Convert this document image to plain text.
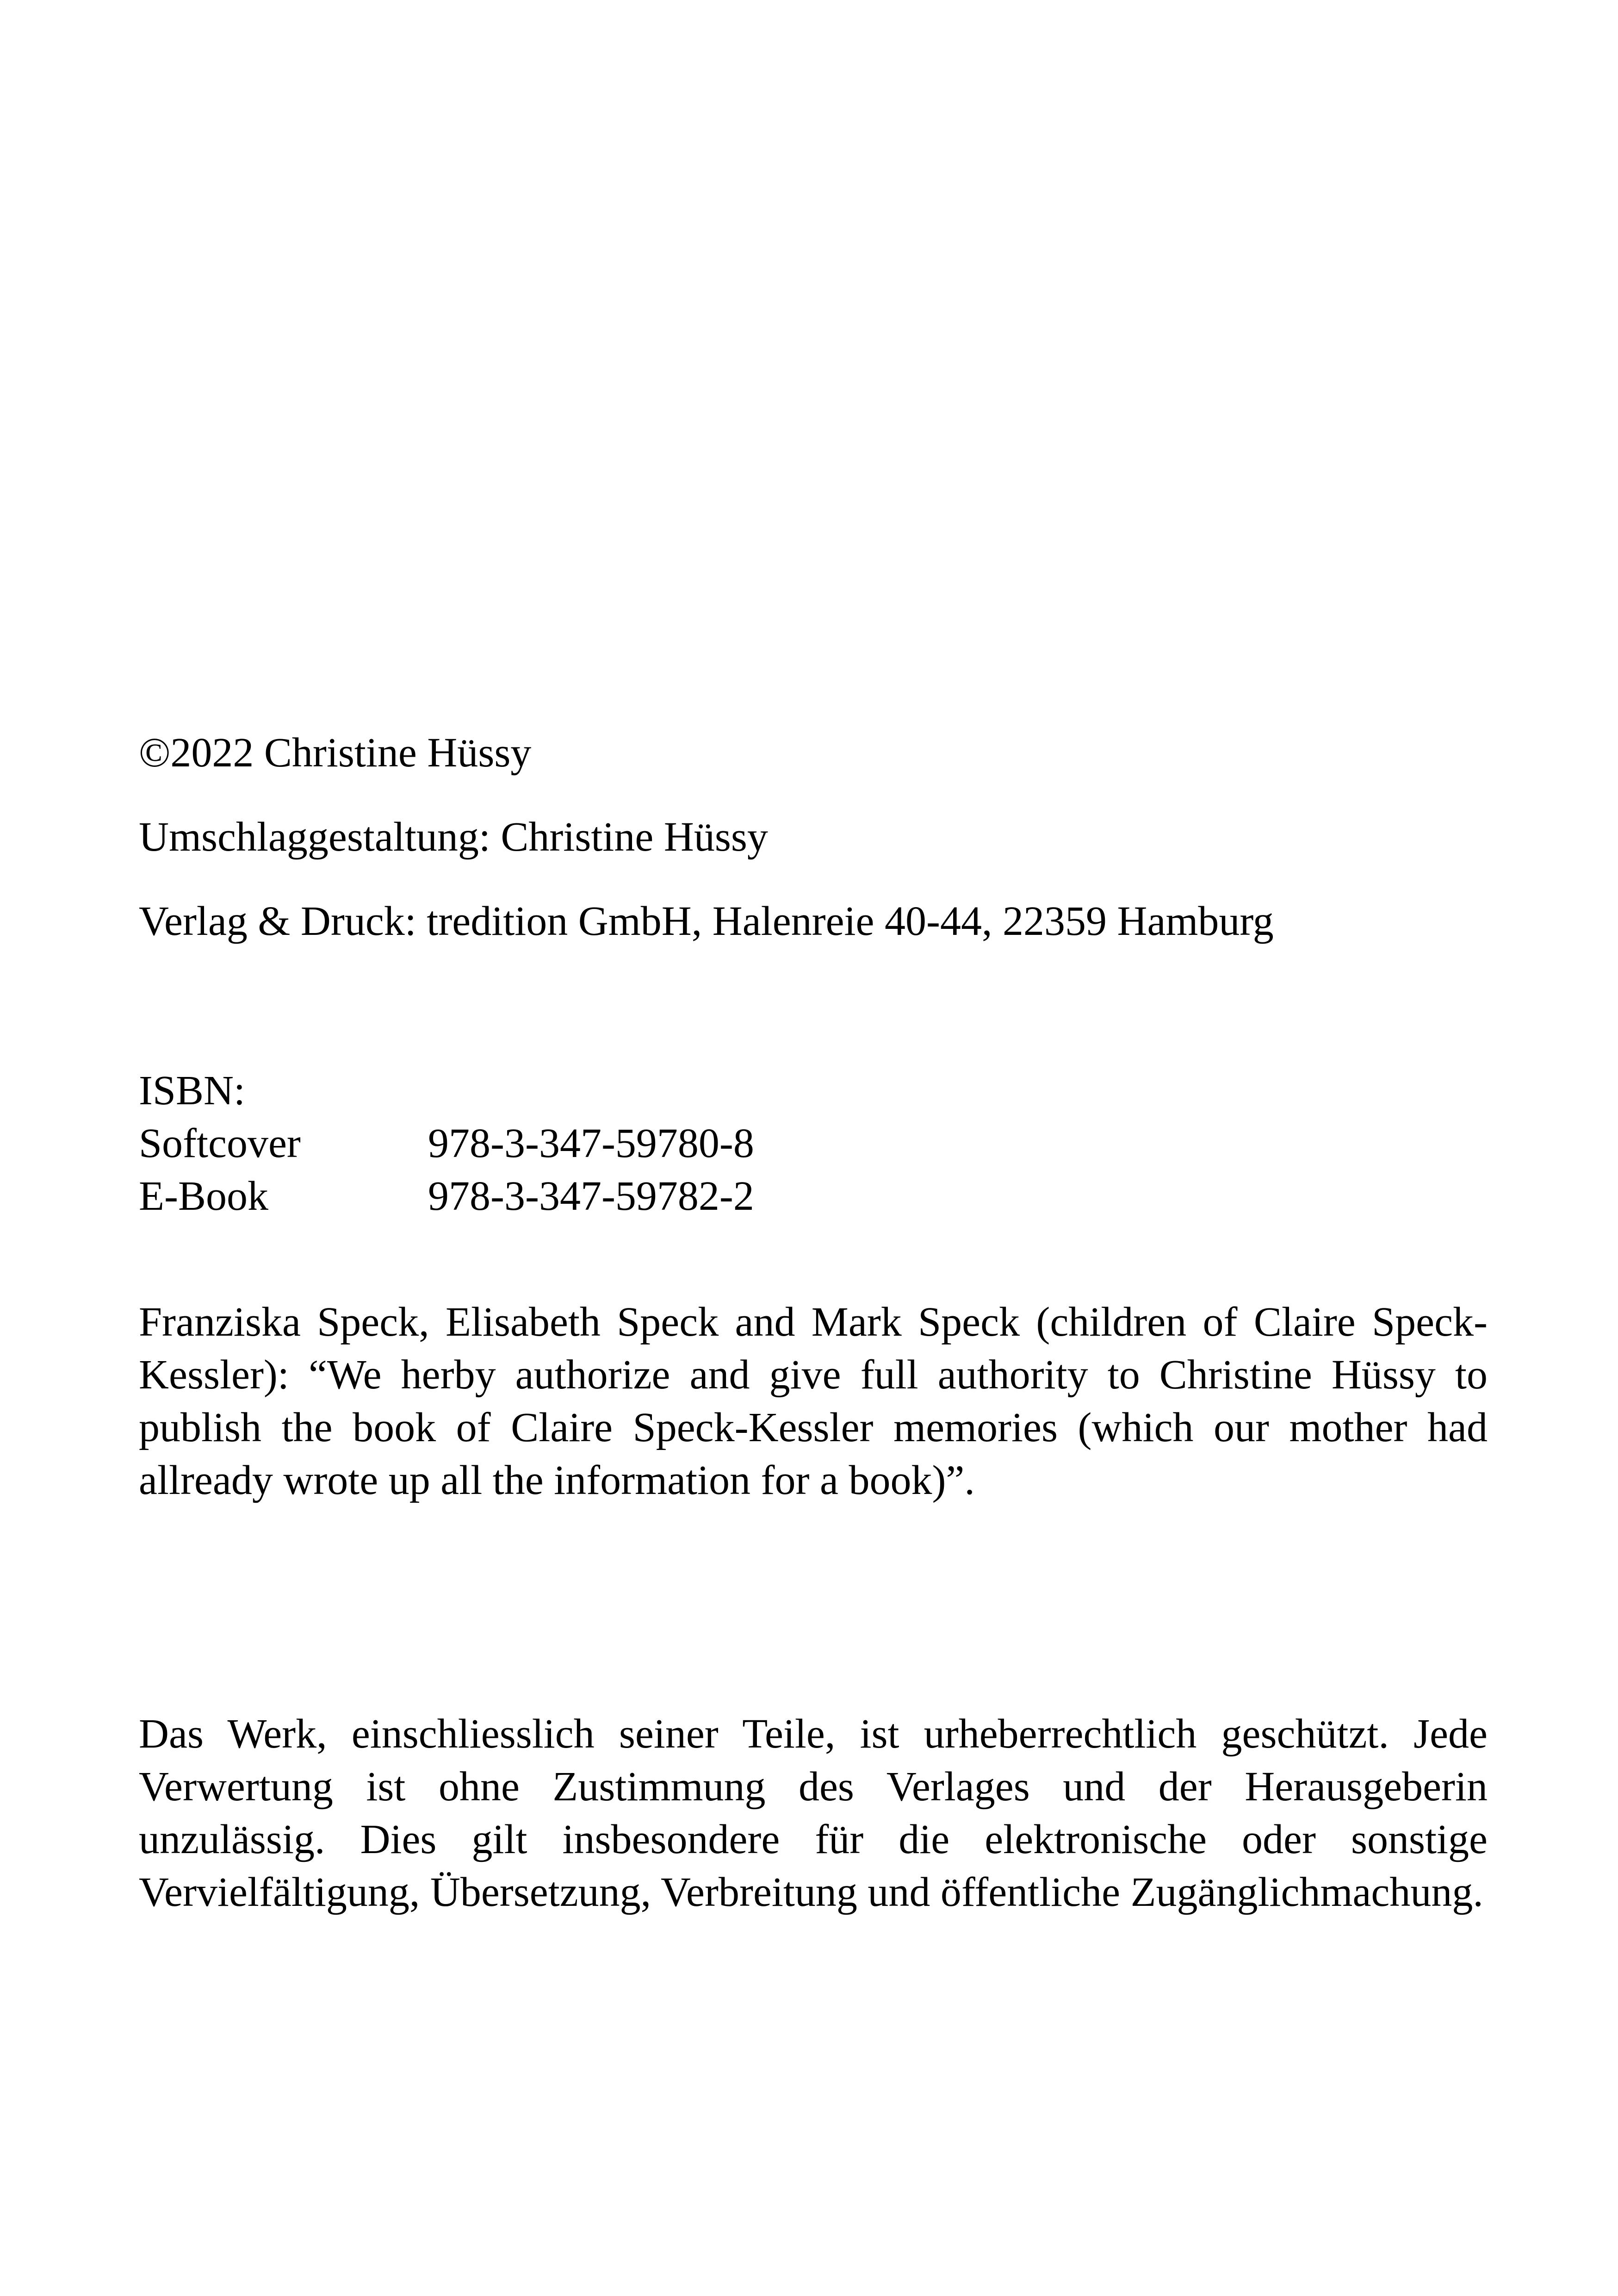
©2022 Christine Hüssy

Umschlaggestaltung: Christine Hüssy

Verlag & Druck: tredition GmbH, Halenreie 40-44, 22359 Hamburg

ISBN:
Softcover	978-3-347-59780-8
E-Book	978-3-347-59782-2

Franziska Speck, Elisabeth Speck and Mark Speck (children of Claire Speck-Kessler): “We herby authorize and give full authority to Christine Hüssy to publish the book of Claire Speck-Kessler memories (which our mother had allready wrote up all the information for a book)”.

Das Werk, einschliesslich seiner Teile, ist urheberrechtlich geschützt. Jede Verwertung ist ohne Zustimmung des Verlages und der Herausgeberin unzulässig. Dies gilt insbesondere für die elektronische oder sonstige Vervielfältigung, Übersetzung, Verbreitung und öffentliche Zugänglichmachung.
